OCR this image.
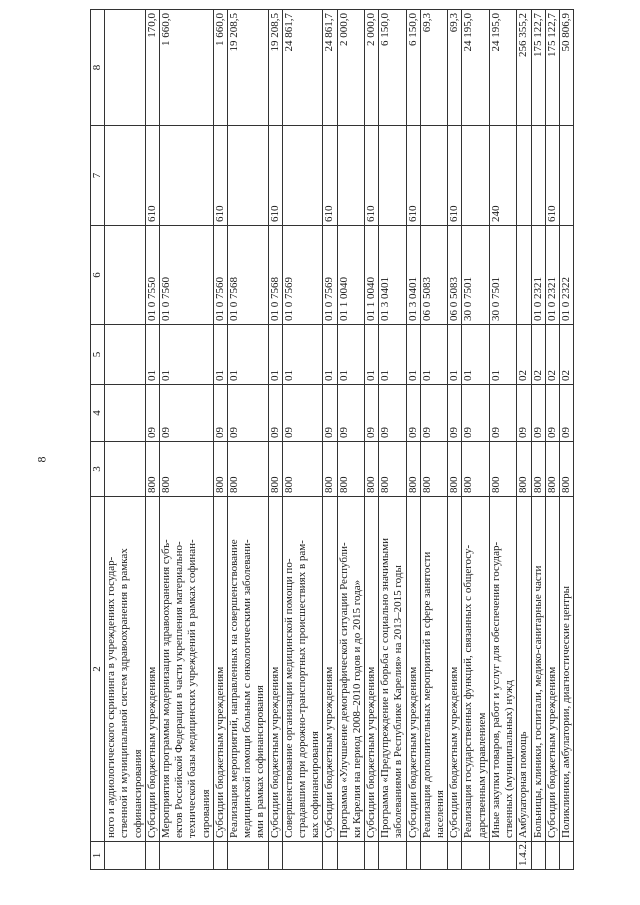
8
1	2	3	4	5	6	7	8

	ного и аудиологического скрининга в учреждениях государ- ственной и муниципальной систем здравоохранения в рамках софинансирования						

	Субсидии бюджетным учреждениям	800	09	01	01 0 7550	610	170,0

	Мероприятия программы модернизации здравоохранения субъ- ектов Российской Федерации в части укрепления материально- технической базы медицинских учреждений в рамках софинан- сирования	800	09	01	01 0 7560		1 660,0

	Субсидии бюджетным учреждениям	800	09	01	01 0 7560	610	1 660,0

	Реализация мероприятий, направленных на совершенствование медицинской помощи больным с онкологическими заболевани- ями в рамках софинансирования	800	09	01	01 0 7568		19 208,5

	Субсидии бюджетным учреждениям	800	09	01	01 0 7568	610	19 208,5

	Совершенствование организации медицинской помощи по- страдавшим при дорожно-транспортных происшествиях в рам- ках софинансирования	800	09	01	01 0 7569		24 861,7

	Субсидии бюджетным учреждениям	800	09	01	01 0 7569	610	24 861,7

	Программа «Улучшение демографической ситуации Республи- ки Карелия на период 2008–2010 годов и до 2015 года»	800	09	01	01 1 0040		2 000,0

	Субсидии бюджетным учреждениям	800	09	01	01 1 0040	610	2 000,0

	Программа «Предупреждение и борьба с социально значимыми заболеваниями в Республике Карелия» на 2013–2015 годы	800	09	01	01 3 0401		6 150,0

	Субсидии бюджетным учреждениям	800	09	01	01 3 0401	610	6 150,0

	Реализация дополнительных мероприятий в сфере занятости населения	800	09	01	06 0 5083		69,3

	Субсидии бюджетным учреждениям	800	09	01	06 0 5083	610	69,3

	Реализация государственных функций, связанных с общегосу- дарственным управлением	800	09	01	30 0 7501		24 195,0

	Иные закупки товаров, работ и услуг для обеспечения государ- ственных (муниципальных) нужд	800	09	01	30 0 7501	240	24 195,0
1.4.2.	Амбулаторная помощь	800	09	02			256 355,2

	Больницы, клиники, госпитали, медико-санитарные части	800	09	02	01 0 2321		175 122,7

	Субсидии бюджетным учреждениям	800	09	02	01 0 2321	610	175 122,7

	Поликлиники, амбулатории, диагностические центры	800	09	02	01 0 2322		50 806,9
